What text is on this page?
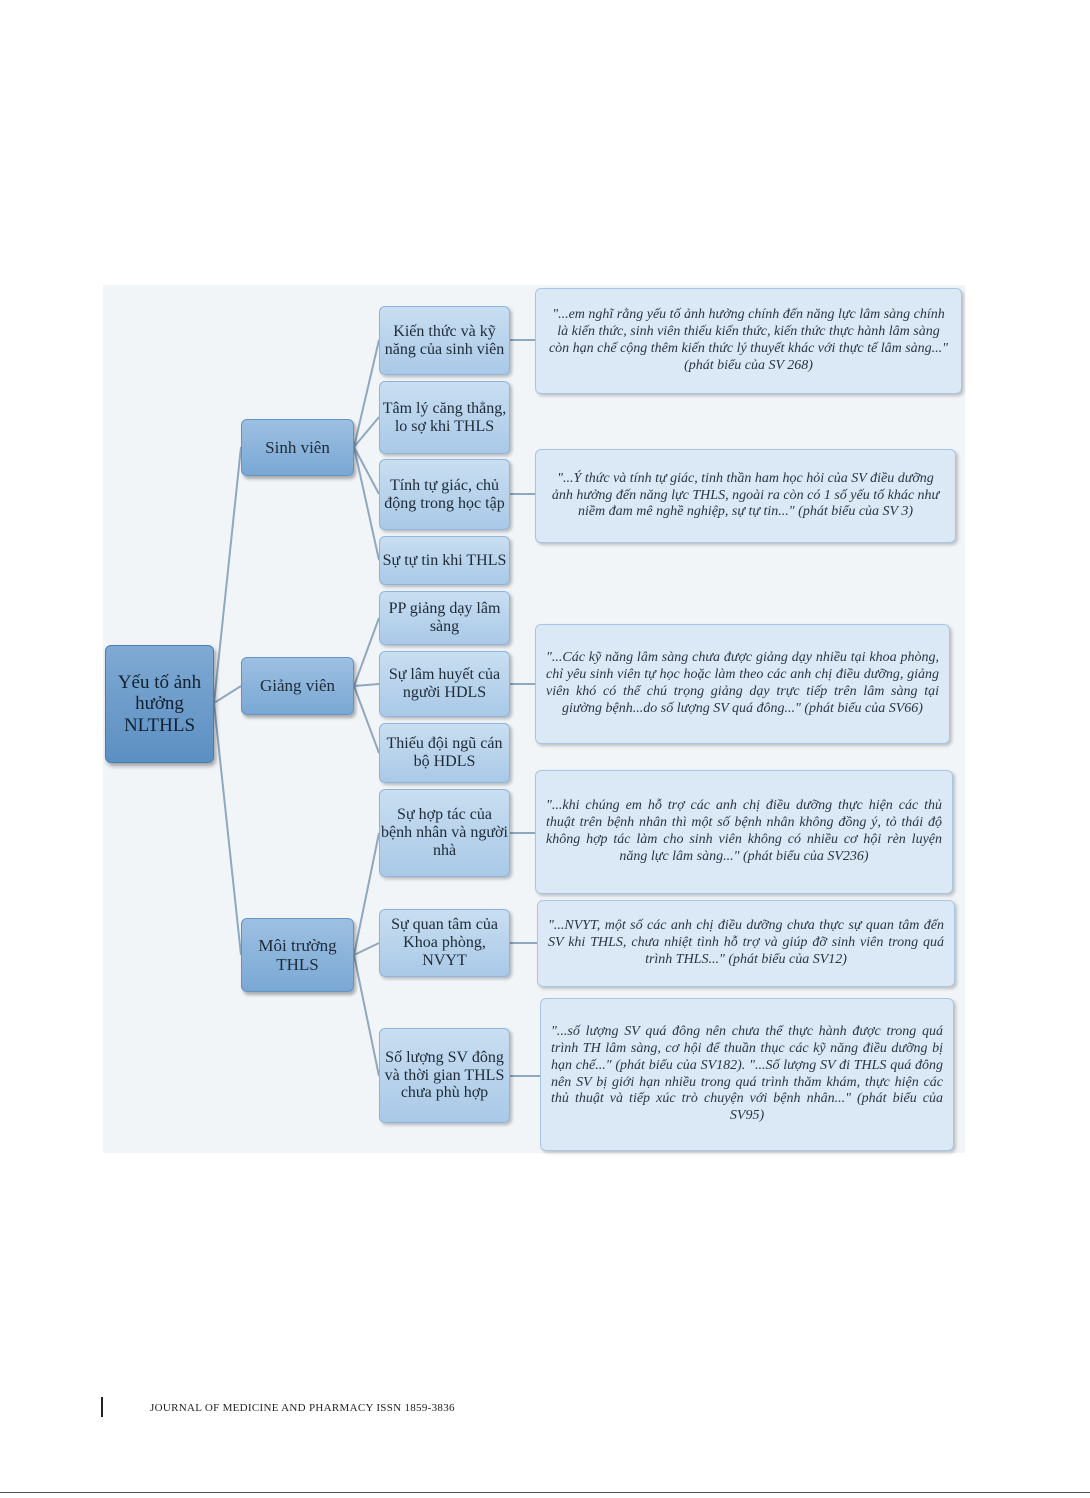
Yếu tố ảnh hưởng NLTHLS
Sinh viên
Giảng viên
Môi trường THLS
Kiến thức và kỹ năng của sinh viên
Tâm lý căng thẳng, lo sợ khi THLS
Tính tự giác, chủ động trong học tập
Sự tự tin khi THLS
PP giảng dạy lâm sàng
Sự lâm huyết của người HDLS
Thiếu đội ngũ cán bộ HDLS
Sự hợp tác của bệnh nhân và người nhà
Sự quan tâm của Khoa phòng, NVYT
Số lượng SV đông và thời gian THLS chưa phù hợp
"...em nghĩ rằng yếu tố ảnh hưởng chính đến năng lực lâm sàng chính là kiến thức, sinh viên thiếu kiến thức, kiến thức thực hành lâm sàng còn hạn chế cộng thêm kiến thức lý thuyết khác với thực tế lâm sàng..." (phát biểu của SV 268)
"...Ý thức và tính tự giác, tinh thần ham học hỏi của SV điều dưỡng ảnh hưởng đến năng lực THLS, ngoài ra còn có 1 số yếu tố khác như niềm đam mê nghề nghiệp, sự tự tin..." (phát biểu của SV 3)
"...Các kỹ năng lâm sàng chưa được giảng dạy nhiều tại khoa phòng, chỉ yêu sinh viên tự học hoặc làm theo các anh chị điều dưỡng, giảng viên khó có thể chú trọng giảng dạy trực tiếp trên lâm sàng tại giường bệnh...do số lượng SV quá đông..." (phát biểu của SV66)
"...khi chúng em hỗ trợ các anh chị điều dưỡng thực hiện các thủ thuật trên bệnh nhân thì một số bệnh nhân không đồng ý, tỏ thái độ không hợp tác làm cho sinh viên không có nhiều cơ hội rèn luyện năng lực lâm sàng..." (phát biểu của SV236)
"...NVYT, một số các anh chị điều dưỡng chưa thực sự quan tâm đến SV khi THLS, chưa nhiệt tình hỗ trợ và giúp đỡ sinh viên trong quá trình THLS..." (phát biểu của SV12)
"...số lượng SV quá đông nên chưa thể thực hành được trong quá trình TH lâm sàng, cơ hội để thuần thục các kỹ năng điều dưỡng bị hạn chế..." (phát biểu của SV182). "...Số lượng SV đi THLS quá đông nên SV bị giới hạn nhiều trong quá trình thăm khám, thực hiện các thủ thuật và tiếp xúc trò chuyện với bệnh nhân..." (phát biểu của SV95)
JOURNAL OF MEDICINE AND PHARMACY ISSN 1859-3836
